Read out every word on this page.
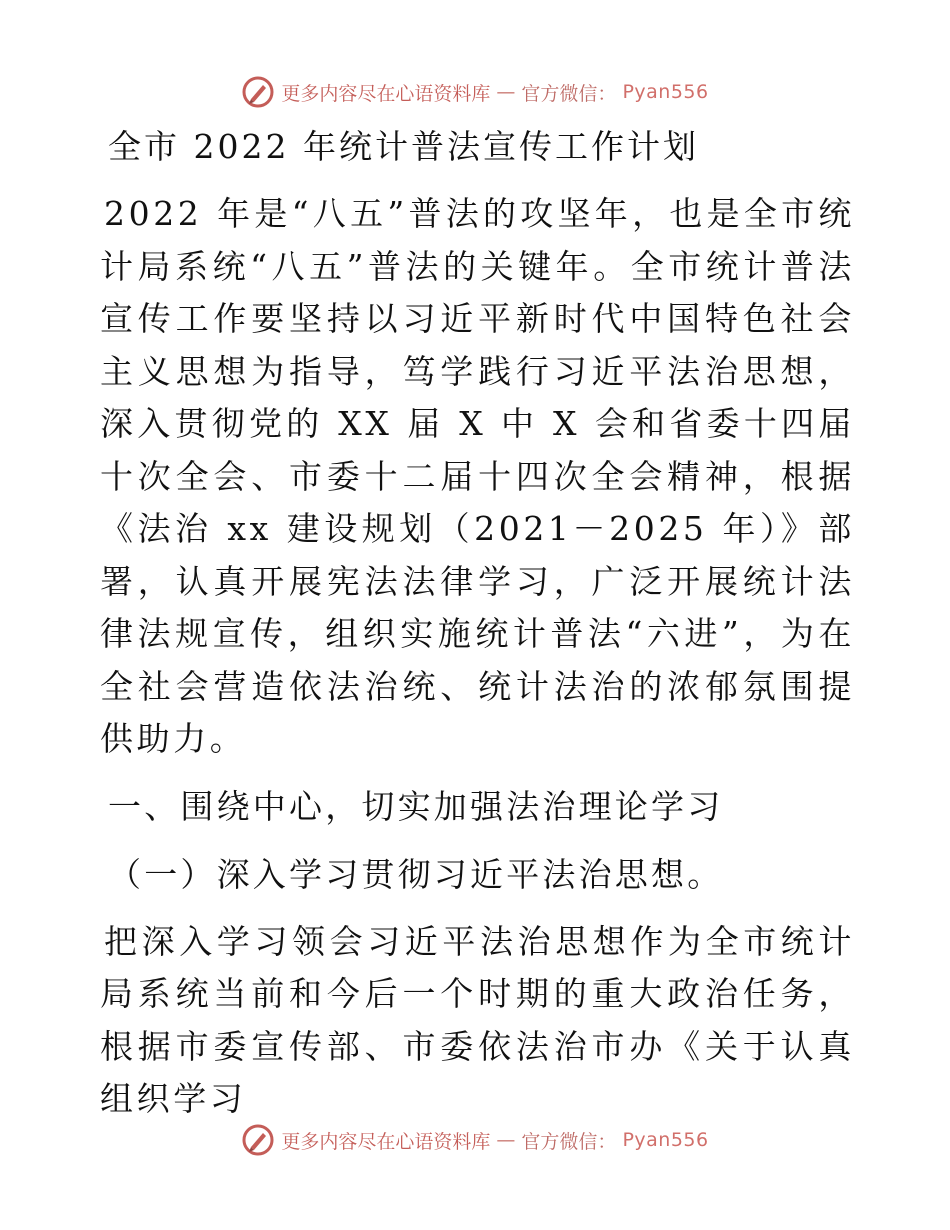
更多内容尽在心语资料库 — 官方微信： Pyan556
全市 2022 年统计普法宣传工作计划

2022 年是“八五”普法的攻坚年，也是全市统计局系统“八五”普法的关键年。全市统计普法宣传工作要坚持以习近平新时代中国特色社会主义思想为指导，笃学践行习近平法治思想，深入贯彻党的 XX 届 X 中 X 会和省委十四届十次全会、市委十二届十四次全会精神，根据《法治 xx 建设规划（2021－2025 年）》部署，认真开展宪法法律学习，广泛开展统计法律法规宣传，组织实施统计普法“六进”，为在全社会营造依法治统、统计法治的浓郁氛围提供助力。

一、围绕中心，切实加强法治理论学习
（一）深入学习贯彻习近平法治思想。

把深入学习领会习近平法治思想作为全市统计局系统当前和今后一个时期的重大政治任务，根据市委宣传部、市委依法治市办《关于认真组织学习

更多内容尽在心语资料库 — 官方微信： Pyan556
